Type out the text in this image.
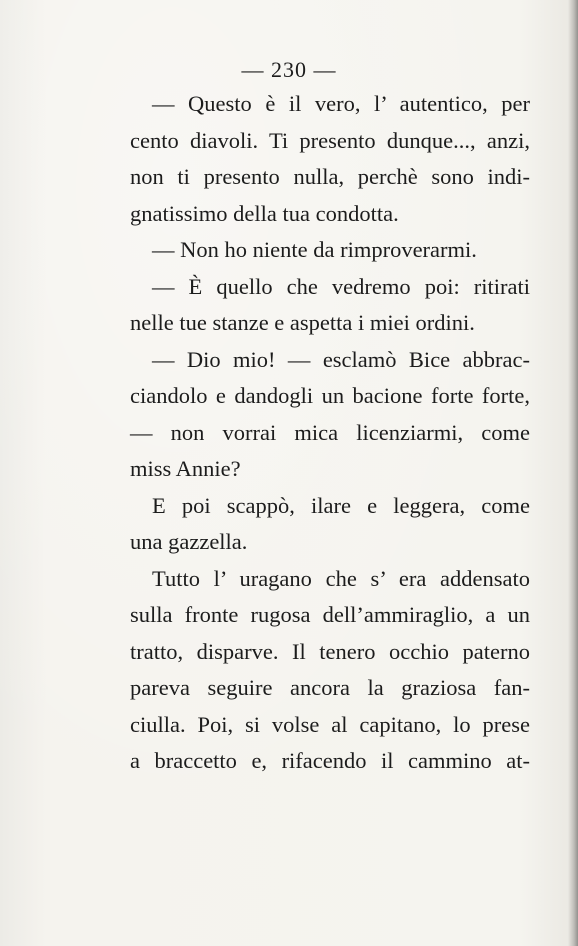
— 230 —
— Questo è il vero, l’ autentico, per
cento diavoli. Ti presento dunque..., anzi,
non ti presento nulla, perchè sono indi-
gnatissimo della tua condotta.
— Non ho niente da rimproverarmi.
— È quello che vedremo poi: ritirati
nelle tue stanze e aspetta i miei ordini.
— Dio mio! — esclamò Bice abbrac-
ciandolo e dandogli un bacione forte forte,
— non vorrai mica licenziarmi, come
miss Annie?
E poi scappò, ilare e leggera, come
una gazzella.
Tutto l’ uragano che s’ era addensato
sulla fronte rugosa dell’ammiraglio, a un
tratto, disparve. Il tenero occhio paterno
pareva seguire ancora la graziosa fan-
ciulla. Poi, si volse al capitano, lo prese
a braccetto e, rifacendo il cammino at-
